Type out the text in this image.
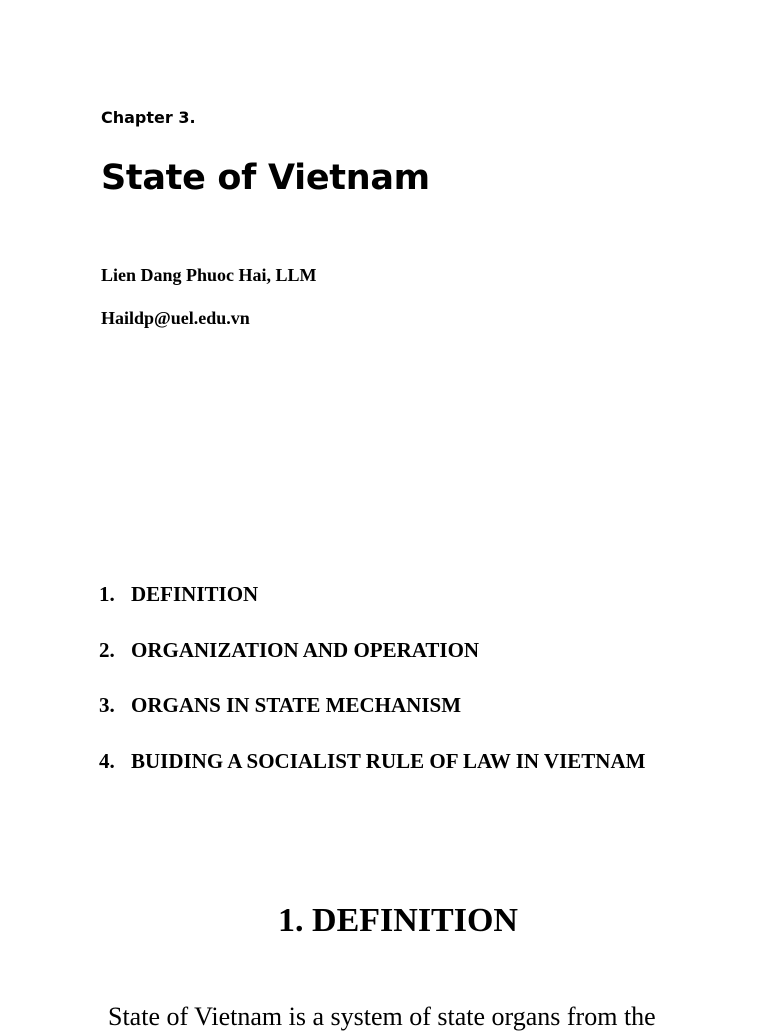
Chapter 3.

State of Vietnam

Lien Dang Phuoc Hai, LLM

Haildp@uel.edu.vn

1. DEFINITION
2. ORGANIZATION AND OPERATION
3. ORGANS IN STATE MECHANISM
4. BUIDING A SOCIALIST RULE OF LAW IN VIETNAM
1. DEFINITION

State of Vietnam is a system of state organs from the
